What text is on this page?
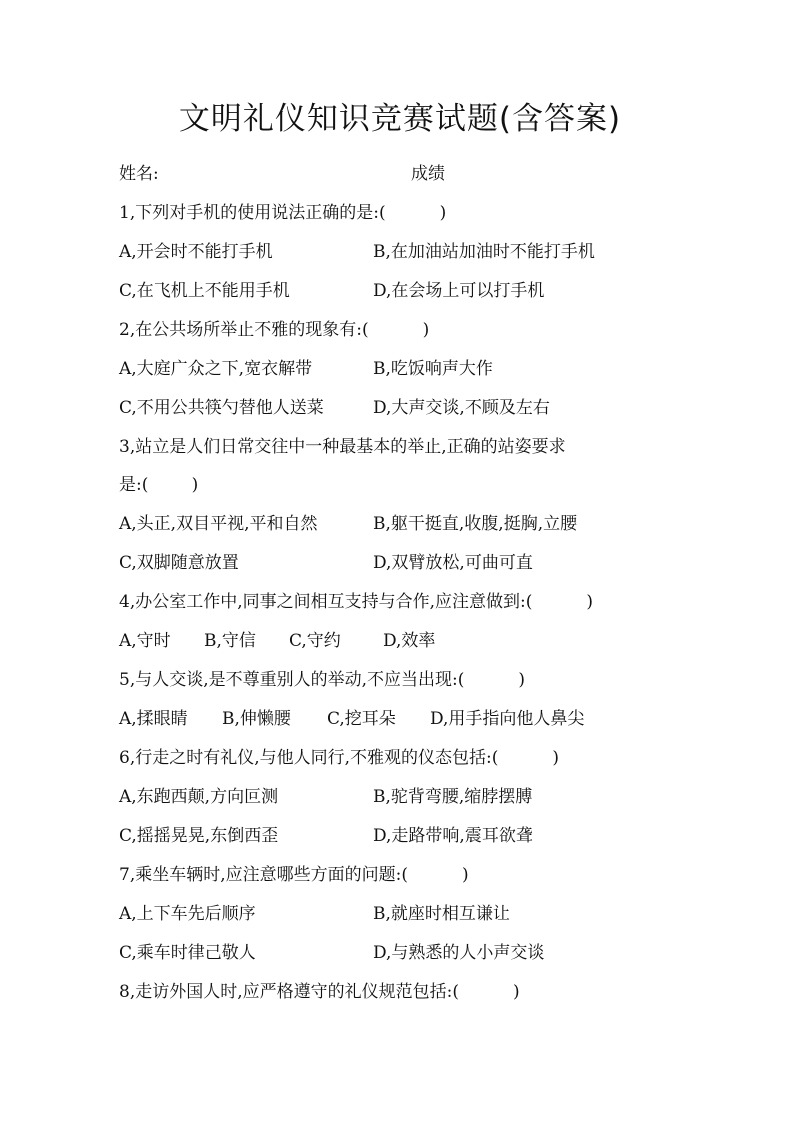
文明礼仪知识竞赛试题(含答案)
姓名:	成绩
1,下列对手机的使用说法正确的是:(          )
A,开会时不能打手机	B,在加油站加油时不能打手机
C,在飞机上不能用手机	D,在会场上可以打手机
2,在公共场所举止不雅的现象有:(          )
A,大庭广众之下,宽衣解带	B,吃饭响声大作
C,不用公共筷勺替他人送菜	D,大声交谈,不顾及左右
3,站立是人们日常交往中一种最基本的举止,正确的站姿要求
是:(        )
A,头正,双目平视,平和自然	B,躯干挺直,收腹,挺胸,立腰
C,双脚随意放置	D,双臂放松,可曲可直
4,办公室工作中,同事之间相互支持与合作,应注意做到:(          )
A,守时 B,守信 C,守约 D,效率
5,与人交谈,是不尊重别人的举动,不应当出现:(          )
A,揉眼睛 B,伸懒腰 C,挖耳朵 D,用手指向他人鼻尖
6,行走之时有礼仪,与他人同行,不雅观的仪态包括:(          )
A,东跑西颠,方向叵测	B,驼背弯腰,缩脖摆膊
C,摇摇晃晃,东倒西歪	D,走路带响,震耳欲聋
7,乘坐车辆时,应注意哪些方面的问题:(          )
A,上下车先后顺序	B,就座时相互谦让
C,乘车时律己敬人	D,与熟悉的人小声交谈
8,走访外国人时,应严格遵守的礼仪规范包括:(          )
